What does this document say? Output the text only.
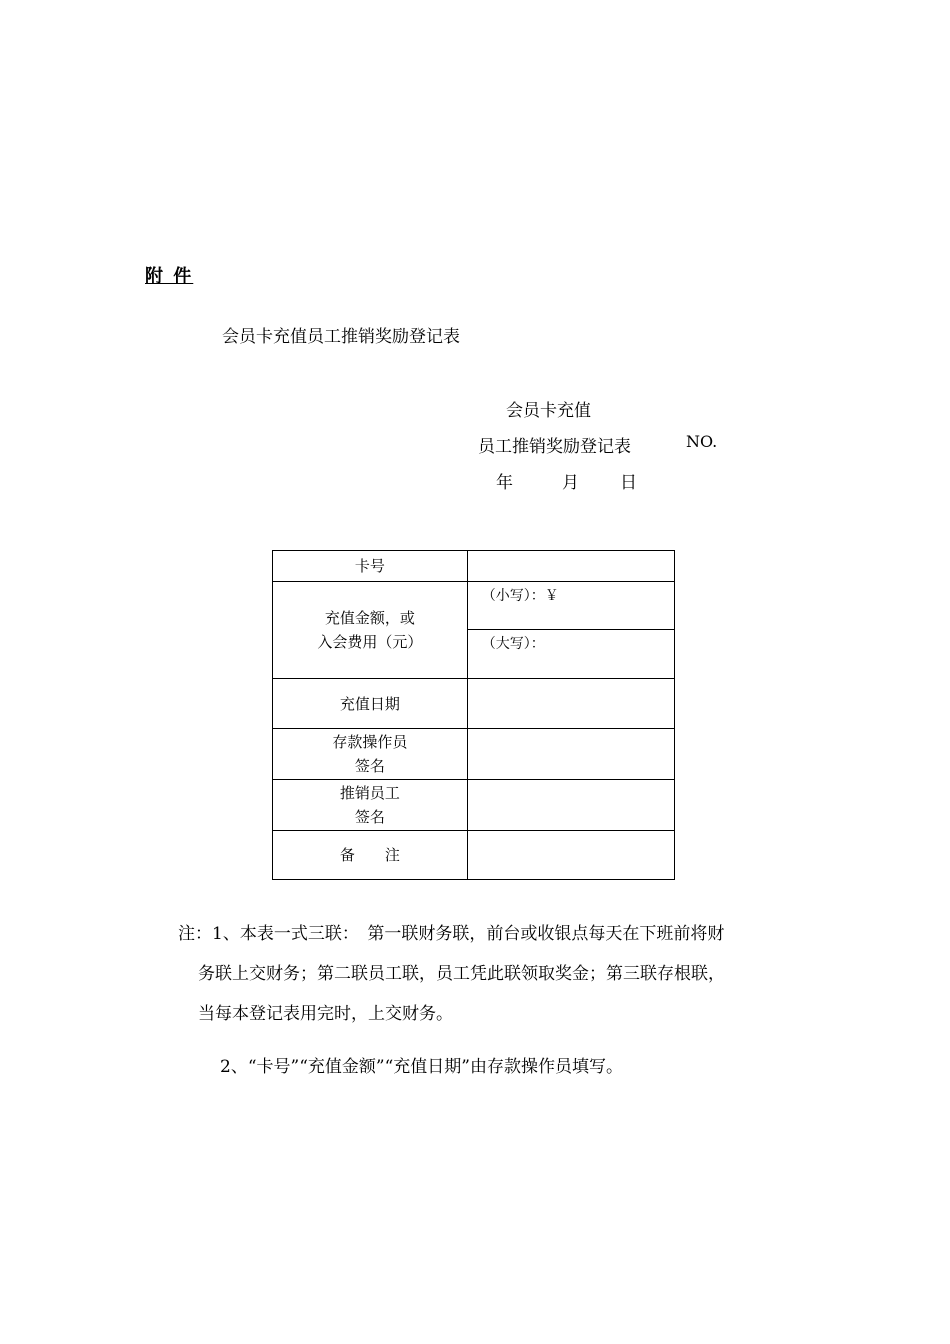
附 件
会员卡充值员工推销奖励登记表
会员卡充值
员工推销奖励登记表	NO.
年	月 日
卡号	

充值金额，或
入会费用（元）	（小写）：￥
	（大写）：
充值日期	

存款操作员
签名	

推销员工
签名	

备　　注	
注：1、本表一式三联：　第一联财务联，前台或收银点每天在下班前将财
务联上交财务；第二联员工联，员工凭此联领取奖金；第三联存根联，
当每本登记表用完时，上交财务。
2、“卡号”“充值金额”“充值日期”由存款操作员填写。
